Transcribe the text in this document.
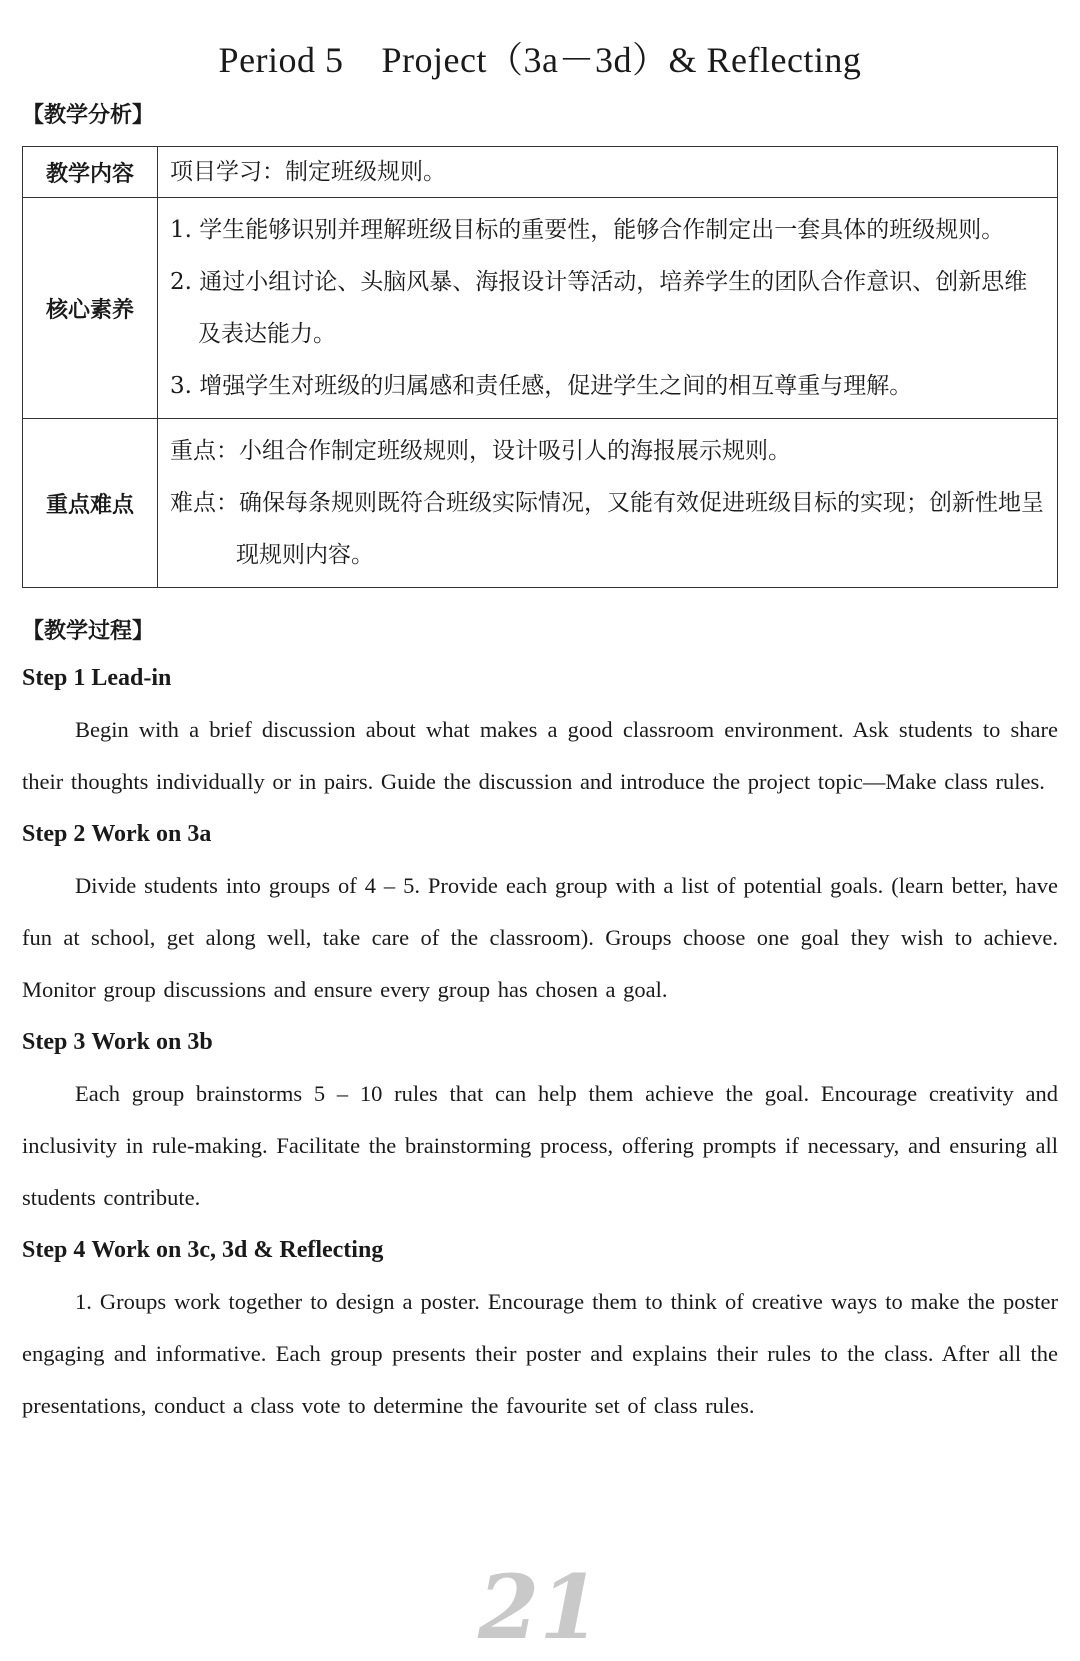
Period 5    Project（3a－3d）& Reflecting
【教学分析】
教学内容	项目学习：制定班级规则。
核心素养	1. 学生能够识别并理解班级目标的重要性，能够合作制定出一套具体的班级规则。
2. 通过小组讨论、头脑风暴、海报设计等活动，培养学生的团队合作意识、创新思维及表达能力。
3. 增强学生对班级的归属感和责任感，促进学生之间的相互尊重与理解。

重点难点	重点：小组合作制定班级规则，设计吸引人的海报展示规则。
难点：确保每条规则既符合班级实际情况，又能有效促进班级目标的实现；创新性地呈现规则内容。
【教学过程】
Step 1 Lead-in
Begin with a brief discussion about what makes a good classroom environment. Ask students to share their thoughts individually or in pairs. Guide the discussion and introduce the project topic—Make class rules.
Step 2 Work on 3a
Divide students into groups of 4 – 5. Provide each group with a list of potential goals. (learn better, have fun at school, get along well, take care of the classroom). Groups choose one goal they wish to achieve. Monitor group discussions and ensure every group has chosen a goal.
Step 3 Work on 3b
Each group brainstorms 5 – 10 rules that can help them achieve the goal. Encourage creativity and inclusivity in rule-making. Facilitate the brainstorming process, offering prompts if necessary, and ensuring all students contribute.
Step 4 Work on 3c, 3d & Reflecting
1. Groups work together to design a poster. Encourage them to think of creative ways to make the poster engaging and informative. Each group presents their poster and explains their rules to the class. After all the presentations, conduct a class vote to determine the favourite set of class rules.
21
